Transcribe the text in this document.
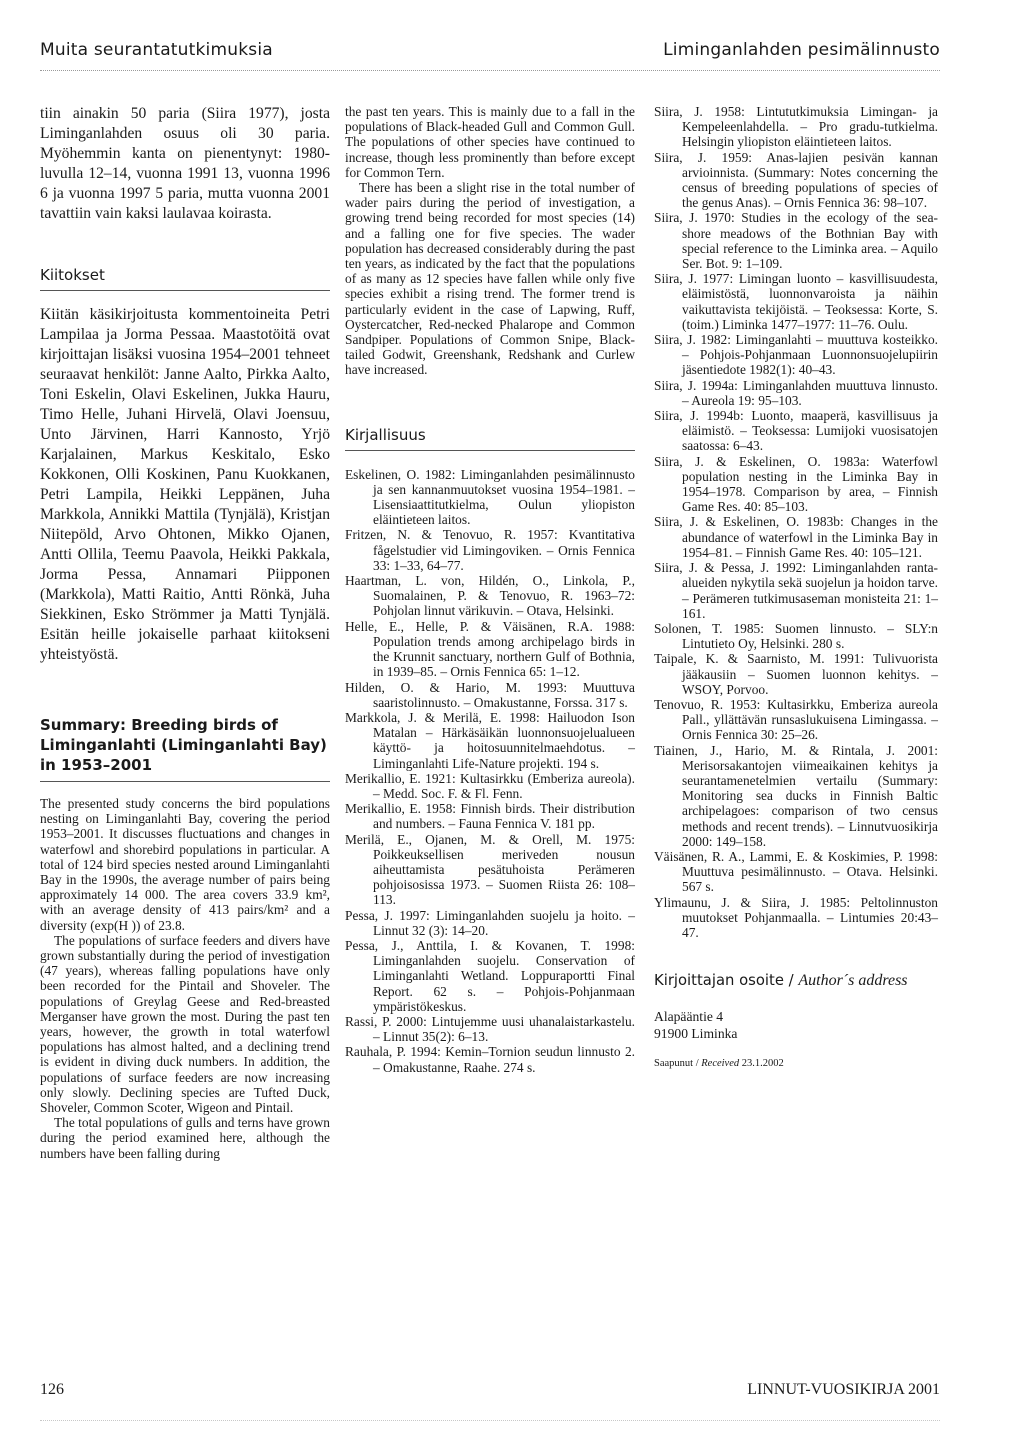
Muita seurantatutkimuksia	Liminganlahden pesimälinnusto

tiin ainakin 50 paria (Siira 1977), josta Liminganlahden osuus oli 30 paria. Myöhemmin kanta on pienentynyt: 1980-luvulla 12–14, vuonna 1991 13, vuonna 1996 6 ja vuonna 1997 5 paria, mutta vuonna 2001 tavattiin vain kaksi laulavaa koirasta.

Kiitokset

Kiitän käsikirjoitusta kommentoineita Petri Lampilaa ja Jorma Pessaa. Maastotöitä ovat kirjoittajan lisäksi vuosina 1954–2001 tehneet seuraavat henkilöt: Janne Aalto, Pirkka Aalto, Toni Eskelin, Olavi Eskelinen, Jukka Hauru, Timo Helle, Juhani Hirvelä, Olavi Joensuu, Unto Järvinen, Harri Kannosto, Yrjö Karjalainen, Markus Keskitalo, Esko Kokkonen, Olli Koskinen, Panu Kuokkanen, Petri Lampila, Heikki Leppänen, Juha Markkola, Annikki Mattila (Tynjälä), Kristjan Niitepöld, Arvo Ohtonen, Mikko Ojanen, Antti Ollila, Teemu Paavola, Heikki Pakkala, Jorma Pessa, Annamari Piipponen (Markkola), Matti Raitio, Antti Rönkä, Juha Siekkinen, Esko Strömmer ja Matti Tynjälä. Esitän heille jokaiselle parhaat kiitokseni yhteistyöstä.

Summary: Breeding birds of
Liminganlahti (Liminganlahti Bay)
in 1953–2001

The presented study concerns the bird populations nesting on Liminganlahti Bay, covering the period 1953–2001. It discusses fluctuations and changes in waterfowl and shorebird populations in particular. A total of 124 bird species nested around Liminganlahti Bay in the 1990s, the average number of pairs being approximately 14 000. The area covers 33.9 km², with an average density of 413 pairs/km² and a diversity (exp(H )) of 23.8.

The populations of surface feeders and divers have grown substantially during the period of investigation (47 years), whereas falling populations have only been recorded for the Pintail and Shoveler. The populations of Greylag Geese and Red-breasted Merganser have grown the most. During the past ten years, however, the growth in total waterfowl populations has almost halted, and a declining trend is evident in diving duck numbers. In addition, the populations of surface feeders are now increasing only slowly. Declining species are Tufted Duck, Shoveler, Common Scoter, Wigeon and Pintail.

The total populations of gulls and terns have grown during the period examined here, although the numbers have been falling during

the past ten years. This is mainly due to a fall in the populations of Black-headed Gull and Common Gull. The populations of other species have continued to increase, though less prominently than before except for Common Tern.

There has been a slight rise in the total number of wader pairs during the period of investigation, a growing trend being recorded for most species (14) and a falling one for five species. The wader population has decreased considerably during the past ten years, as indicated by the fact that the populations of as many as 12 species have fallen while only five species exhibit a rising trend. The former trend is particularly evident in the case of Lapwing, Ruff, Oystercatcher, Red-necked Phalarope and Common Sandpiper. Populations of Common Snipe, Black-tailed Godwit, Greenshank, Redshank and Curlew have increased.

Kirjallisuus

Eskelinen, O. 1982: Liminganlahden pesimälinnusto ja sen kannanmuutokset vuosina 1954–1981. – Lisensiaattitutkielma, Oulun yliopiston eläintieteen laitos.

Fritzen, N. & Tenovuo, R. 1957: Kvantitativa fågelstudier vid Limingoviken. – Ornis Fennica 33: 1–33, 64–77.

Haartman, L. von, Hildén, O., Linkola, P., Suomalainen, P. & Tenovuo, R. 1963–72: Pohjolan linnut värikuvin. – Otava, Helsinki.

Helle, E., Helle, P. & Väisänen, R.A. 1988: Population trends among archipelago birds in the Krunnit sanctuary, northern Gulf of Bothnia, in 1939–85. – Ornis Fennica 65: 1–12.

Hilden, O. & Hario, M. 1993: Muuttuva saaristolinnusto. – Omakustanne, Forssa. 317 s.

Markkola, J. & Merilä, E. 1998: Hailuodon Ison Matalan – Härkäsäikän luonnonsuojelualueen käyttö- ja hoitosuunnitelmaehdotus. – Liminganlahti Life-Nature projekti. 194 s.

Merikallio, E. 1921: Kultasirkku (Emberiza aureola). – Medd. Soc. F. & Fl. Fenn.

Merikallio, E. 1958: Finnish birds. Their distribution and numbers. – Fauna Fennica V. 181 pp.

Merilä, E., Ojanen, M. & Orell, M. 1975: Poikkeuksellisen meriveden nousun aiheuttamista pesätuhoista Perämeren pohjoisosissa 1973. – Suomen Riista 26: 108–113.

Pessa, J. 1997: Liminganlahden suojelu ja hoito. – Linnut 32 (3): 14–20.

Pessa, J., Anttila, I. & Kovanen, T. 1998: Liminganlahden suojelu. Conservation of Liminganlahti Wetland. Loppuraportti Final Report. 62 s. – Pohjois-Pohjanmaan ympäristökeskus.

Rassi, P. 2000: Lintujemme uusi uhanalaistarkastelu. – Linnut 35(2): 6–13.

Rauhala, P. 1994: Kemin–Tornion seudun linnusto 2. – Omakustanne, Raahe. 274 s.

Siira, J. 1958: Lintututkimuksia Limingan- ja Kempeleenlahdella. – Pro gradu-tutkielma. Helsingin yliopiston eläintieteen laitos.

Siira, J. 1959: Anas-lajien pesivän kannan arvioinnista. (Summary: Notes concerning the census of breeding populations of species of the genus Anas). – Ornis Fennica 36: 98–107.

Siira, J. 1970: Studies in the ecology of the sea-shore meadows of the Bothnian Bay with special reference to the Liminka area. – Aquilo Ser. Bot. 9: 1–109.

Siira, J. 1977: Limingan luonto – kasvillisuudesta, eläimistöstä, luonnonvaroista ja näihin vaikuttavista tekijöistä. – Teoksessa: Korte, S. (toim.) Liminka 1477–1977: 11–76. Oulu.

Siira, J. 1982: Liminganlahti – muuttuva kosteikko. – Pohjois-Pohjanmaan Luonnonsuojelupiirin jäsentiedote 1982(1): 40–43.

Siira, J. 1994a: Liminganlahden muuttuva linnusto. – Aureola 19: 95–103.

Siira, J. 1994b: Luonto, maaperä, kasvillisuus ja eläimistö. – Teoksessa: Lumijoki vuosisatojen saatossa: 6–43.

Siira, J. & Eskelinen, O. 1983a: Waterfowl population nesting in the Liminka Bay in 1954–1978. Comparison by area, – Finnish Game Res. 40: 85–103.

Siira, J. & Eskelinen, O. 1983b: Changes in the abundance of waterfowl in the Liminka Bay in 1954–81. – Finnish Game Res. 40: 105–121.

Siira, J. & Pessa, J. 1992: Liminganlahden ranta-alueiden nykytila sekä suojelun ja hoidon tarve. – Perämeren tutkimusaseman monisteita 21: 1–161.

Solonen, T. 1985: Suomen linnusto. – SLY:n Lintutieto Oy, Helsinki. 280 s.

Taipale, K. & Saarnisto, M. 1991: Tulivuorista jääkausiin – Suomen luonnon kehitys. – WSOY, Porvoo.

Tenovuo, R. 1953: Kultasirkku, Emberiza aureola Pall., yllättävän runsaslukuisena Limingassa. – Ornis Fennica 30: 25–26.

Tiainen, J., Hario, M. & Rintala, J. 2001: Merisorsakantojen viimeaikainen kehitys ja seurantamenetelmien vertailu (Summary: Monitoring sea ducks in Finnish Baltic archipelagoes: comparison of two census methods and recent trends). – Linnutvuosikirja 2000: 149–158.

Väisänen, R. A., Lammi, E. & Koskimies, P. 1998: Muuttuva pesimälinnusto. – Otava. Helsinki. 567 s.

Ylimaunu, J. & Siira, J. 1985: Peltolinnuston muutokset Pohjanmaalla. – Lintumies 20:43–47.

Kirjoittajan osoite / Author´s address

Alapääntie 4
91900 Liminka

Saapunut / Received 23.1.2002

126	LINNUT-VUOSIKIRJA 2001
